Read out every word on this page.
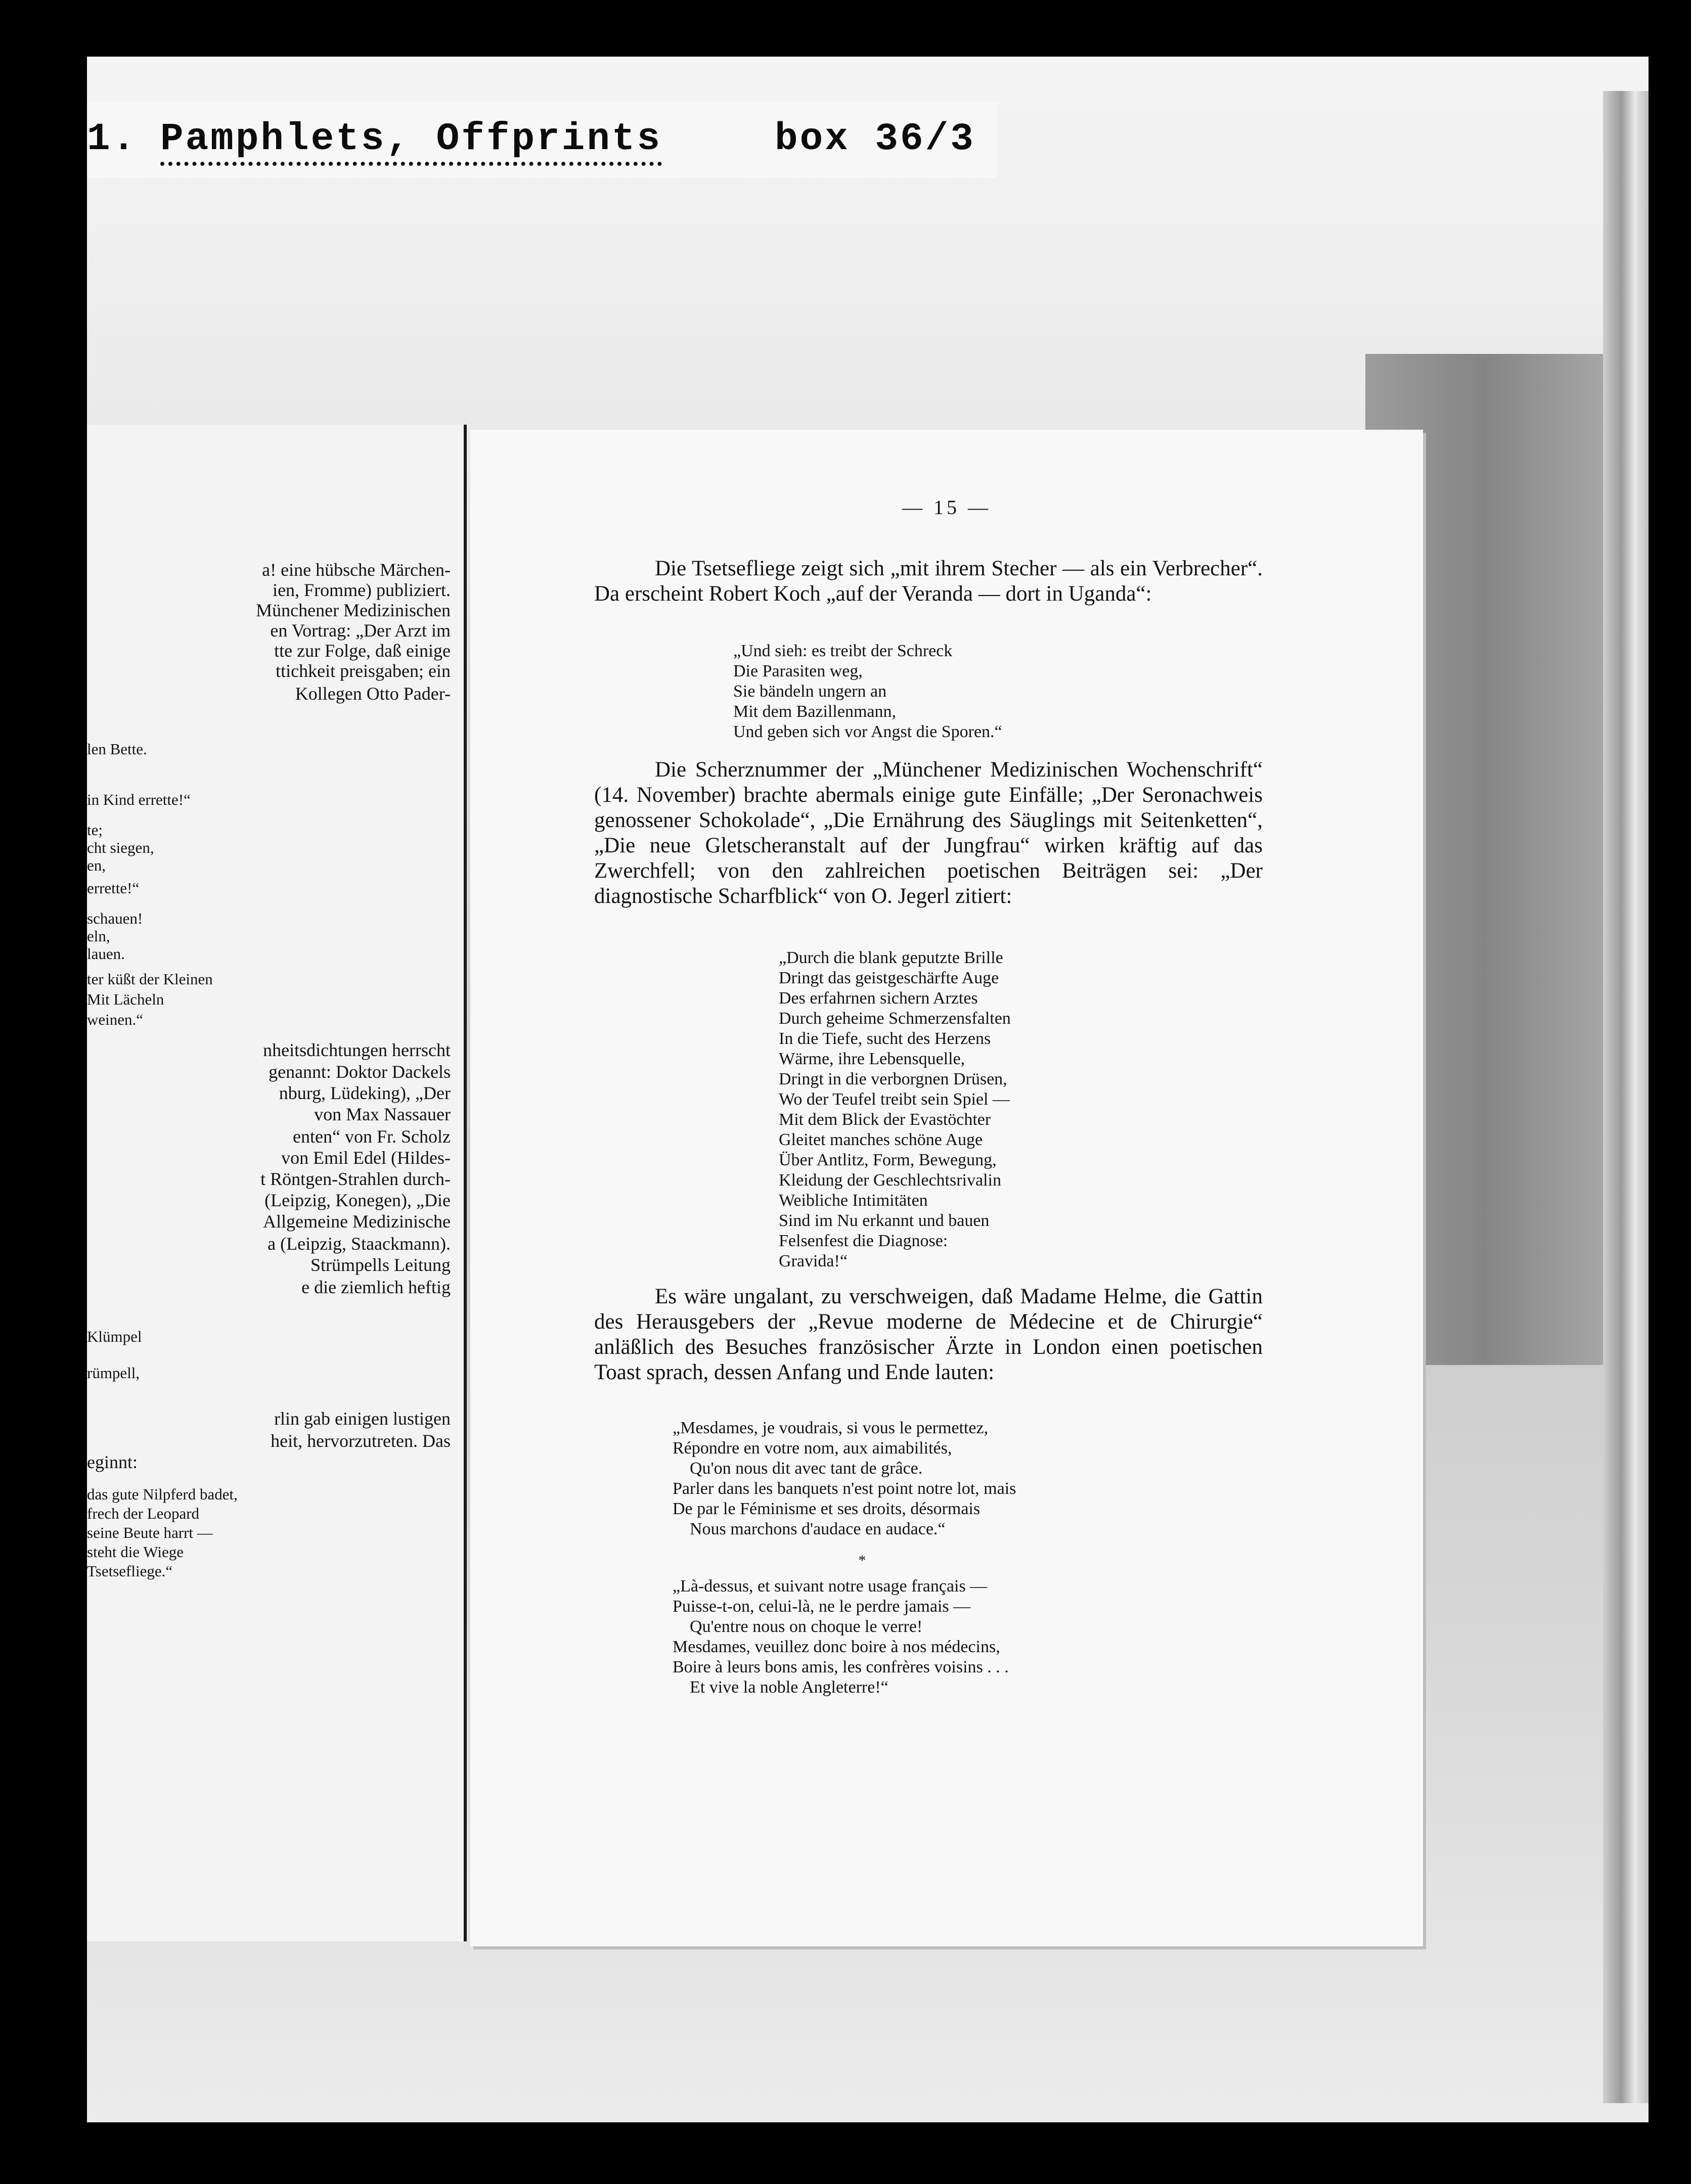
1. Pamphlets, Offprints	box 36/3
a! eine hübsche Märchen-
ien, Fromme) publiziert.
Münchener Medizinischen
en Vortrag: „Der Arzt im
tte zur Folge, daß einige
ttichkeit preisgaben; ein
Kollegen Otto Pader-
len Bette.
in Kind errette!“
te;
cht siegen,
en,
errette!“
schauen!
eln,
lauen.
ter küßt der Kleinen
Mit Lächeln
weinen.“
nheitsdichtungen herrscht
genannt: Doktor Dackels
nburg, Lüdeking), „Der
von Max Nassauer
enten“ von Fr. Scholz
von Emil Edel (Hildes-
t Röntgen-Strahlen durch-
(Leipzig, Konegen), „Die
Allgemeine Medizinische
a (Leipzig, Staackmann).
Strümpells Leitung
e die ziemlich heftig
Klümpel
rümpell,
rlin gab einigen lustigen
heit, hervorzutreten. Das
eginnt:
das gute Nilpferd badet,
frech der Leopard
seine Beute harrt —
steht die Wiege
Tsetsefliege.“
— 15 —

Die Tsetsefliege zeigt sich „mit ihrem Stecher — als ein Verbrecher“. Da erscheint Robert Koch „auf der Veranda — dort in Uganda“:

„Und sieh: es treibt der Schreck
Die Parasiten weg,
Sie bändeln ungern an
Mit dem Bazillenmann,
Und geben sich vor Angst die Sporen.“

Die Scherznummer der „Münchener Medizinischen Wochenschrift“ (14. November) brachte abermals einige gute Einfälle; „Der Seronachweis genossener Schokolade“, „Die Ernährung des Säuglings mit Seitenketten“, „Die neue Gletscheranstalt auf der Jungfrau“ wirken kräftig auf das Zwerchfell; von den zahlreichen poetischen Beiträgen sei: „Der diagnostische Scharfblick“ von O. Jegerl zitiert:

„Durch die blank geputzte Brille
Dringt das geistgeschärfte Auge
Des erfahrnen sichern Arztes
Durch geheime Schmerzensfalten
In die Tiefe, sucht des Herzens
Wärme, ihre Lebensquelle,
Dringt in die verborgnen Drüsen,
Wo der Teufel treibt sein Spiel —
Mit dem Blick der Evastöchter
Gleitet manches schöne Auge
Über Antlitz, Form, Bewegung,
Kleidung der Geschlechtsrivalin
Weibliche Intimitäten
Sind im Nu erkannt und bauen
Felsenfest die Diagnose:
Gravida!“

Es wäre ungalant, zu verschweigen, daß Madame Helme, die Gattin des Herausgebers der „Revue moderne de Médecine et de Chirurgie“ anläßlich des Besuches französischer Ärzte in London einen poetischen Toast sprach, dessen Anfang und Ende lauten:

„Mesdames, je voudrais, si vous le permettez,
Répondre en votre nom, aux aimabilités,
Qu'on nous dit avec tant de grâce.
Parler dans les banquets n'est point notre lot, mais
De par le Féminisme et ses droits, désormais
Nous marchons d'audace en audace.“
*
„Là-dessus, et suivant notre usage français —
Puisse-t-on, celui-là, ne le perdre jamais —
Qu'entre nous on choque le verre!
Mesdames, veuillez donc boire à nos médecins,
Boire à leurs bons amis, les confrères voisins . . .
Et vive la noble Angleterre!“
